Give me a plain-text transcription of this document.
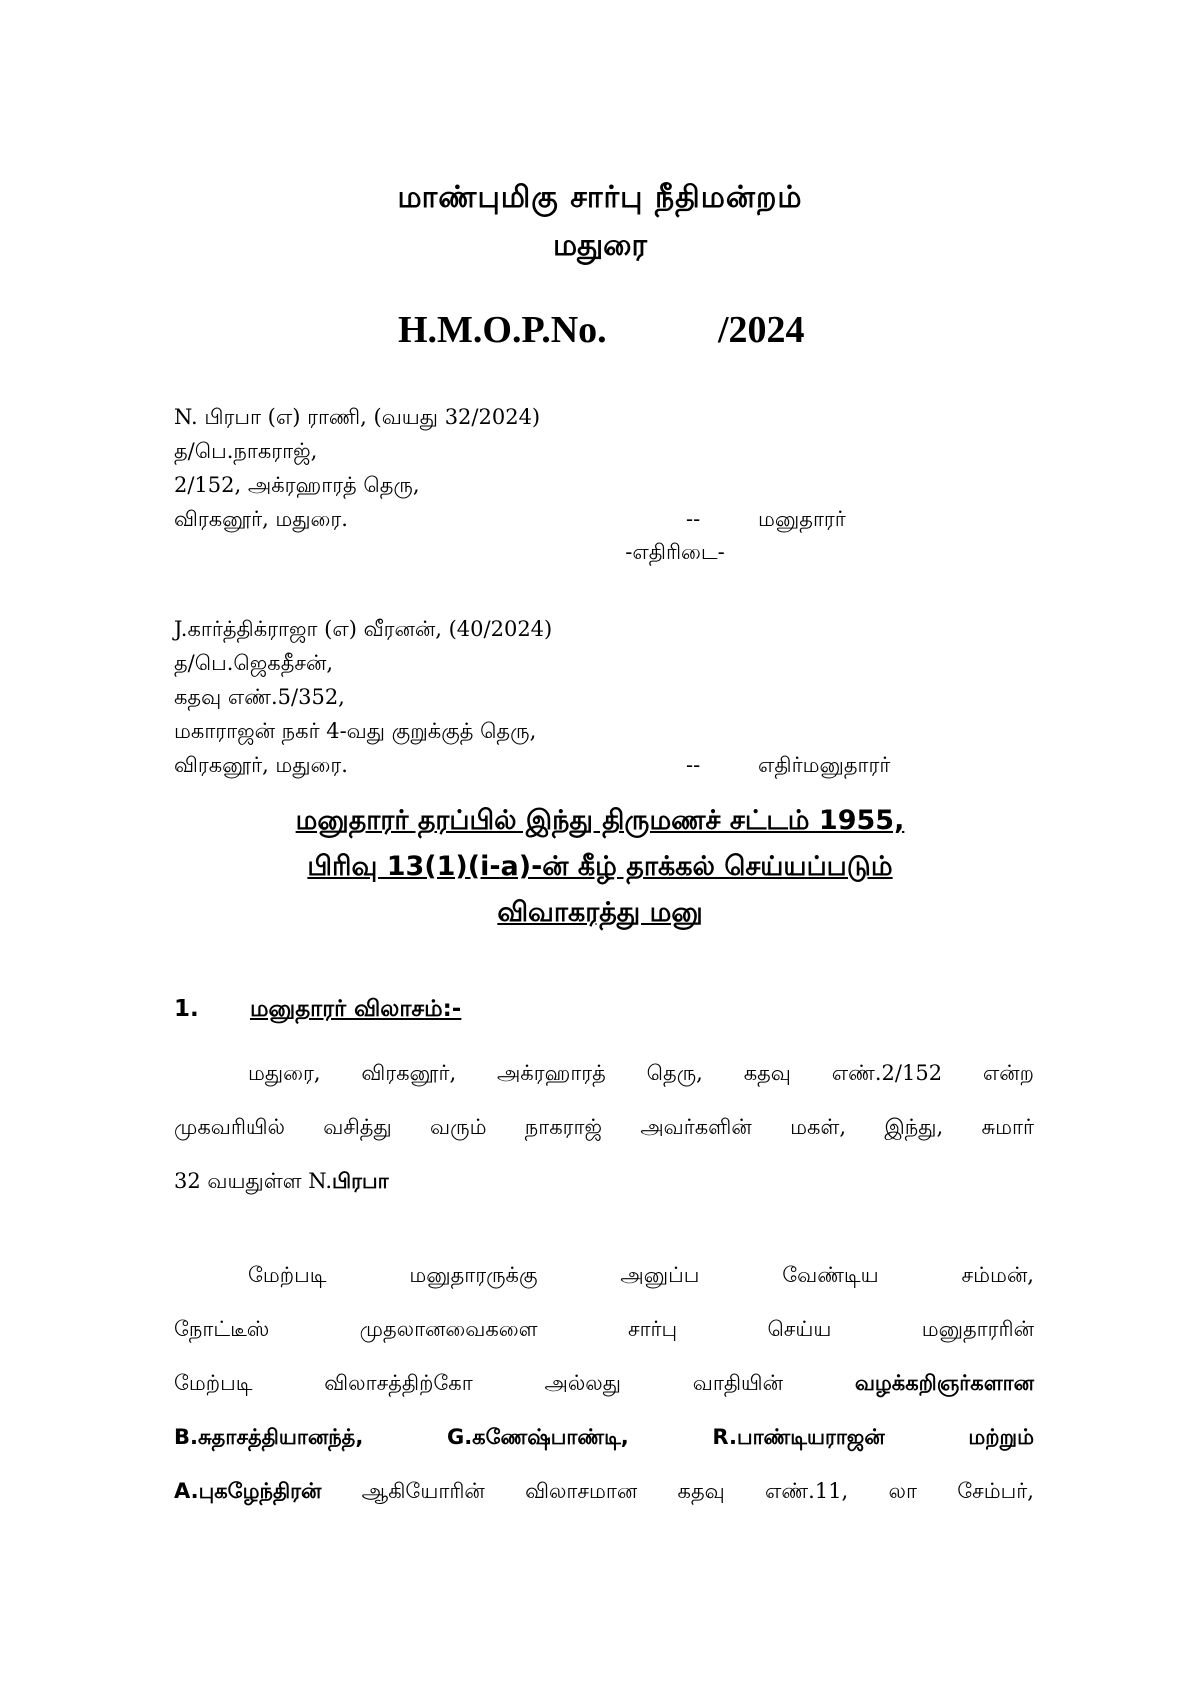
மாண்புமிகு சார்பு நீதிமன்றம்
மதுரை
H.M.O.P.No.	/2024
N. பிரபா (எ) ராணி, (வயது 32/2024)
த/பெ.நாகராஜ்,
2/152, அக்ரஹாரத் தெரு,
விரகனூர், மதுரை.	--	மனுதாரர்
-எதிரிடை-
J.கார்த்திக்ராஜா (எ) வீரனன், (40/2024)
த/பெ.ஜெகதீசன்,
கதவு எண்.5/352,
மகாராஜன் நகர் 4-வது குறுக்குத் தெரு,
விரகனூர், மதுரை.	--	எதிர்மனுதாரர்
மனுதாரர் தரப்பில் இந்து திருமணச் சட்டம் 1955,
பிரிவு 13(1)(i-a)-ன் கீழ் தாக்கல் செய்யப்படும்
விவாகரத்து மனு
1. மனுதாரர் விலாசம்:-
மதுரை, விரகனூர், அக்ரஹாரத் தெரு, கதவு எண்.2/152 என்ற
முகவரியில் வசித்து வரும் நாகராஜ் அவர்களின் மகள், இந்து, சுமார்
32 வயதுள்ள N.பிரபா
மேற்படி	மனுதாரருக்கு	அனுப்ப	வேண்டிய	சம்மன்,
நோட்டீஸ்	முதலானவைகளை	சார்பு	செய்ய	மனுதாரரின்
மேற்படி	விலாசத்திற்கோ	அல்லது	வாதியின்	வழக்கறிஞர்களான
B.சுதாசத்தியானந்த்,	G.கணேஷ்பாண்டி,	R.பாண்டியராஜன்	மற்றும்
A.புகழேந்திரன் ஆகியோரின் விலாசமான கதவு எண்.11, லா சேம்பர்,
